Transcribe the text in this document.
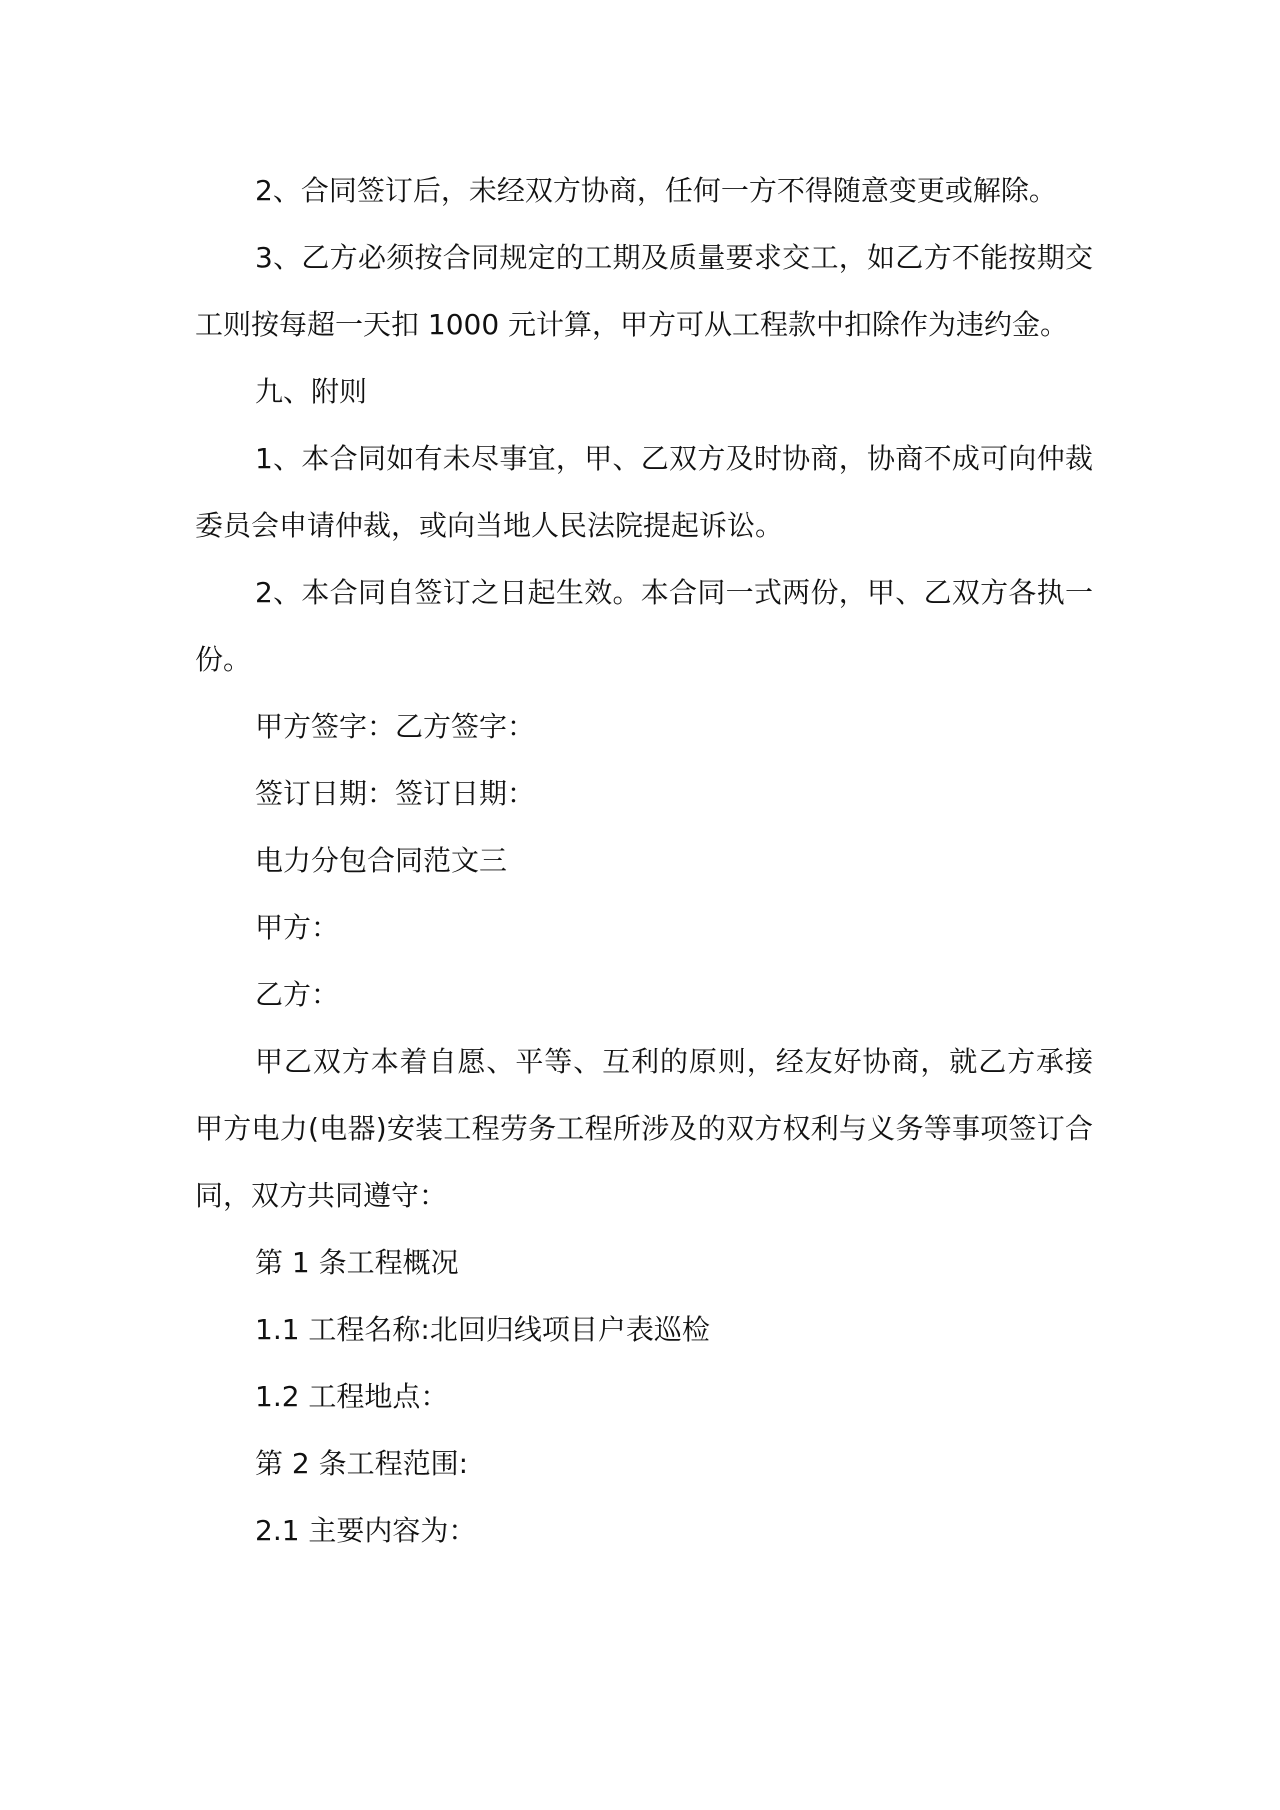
2、合同签订后，未经双方协商，任何一方不得随意变更或解除。

3、乙方必须按合同规定的工期及质量要求交工，如乙方不能按期交工则按每超一天扣 1000 元计算，甲方可从工程款中扣除作为违约金。

九、附则

1、本合同如有未尽事宜，甲、乙双方及时协商，协商不成可向仲裁委员会申请仲裁，或向当地人民法院提起诉讼。

2、本合同自签订之日起生效。本合同一式两份，甲、乙双方各执一份。

甲方签字：乙方签字：

签订日期：签订日期：

电力分包合同范文三

甲方：

乙方：

甲乙双方本着自愿、平等、互利的原则，经友好协商，就乙方承接甲方电力(电器)安装工程劳务工程所涉及的双方权利与义务等事项签订合同，双方共同遵守：

第 1 条工程概况

1.1 工程名称:北回归线项目户表巡检

1.2 工程地点：

第 2 条工程范围:

2.1 主要内容为：
